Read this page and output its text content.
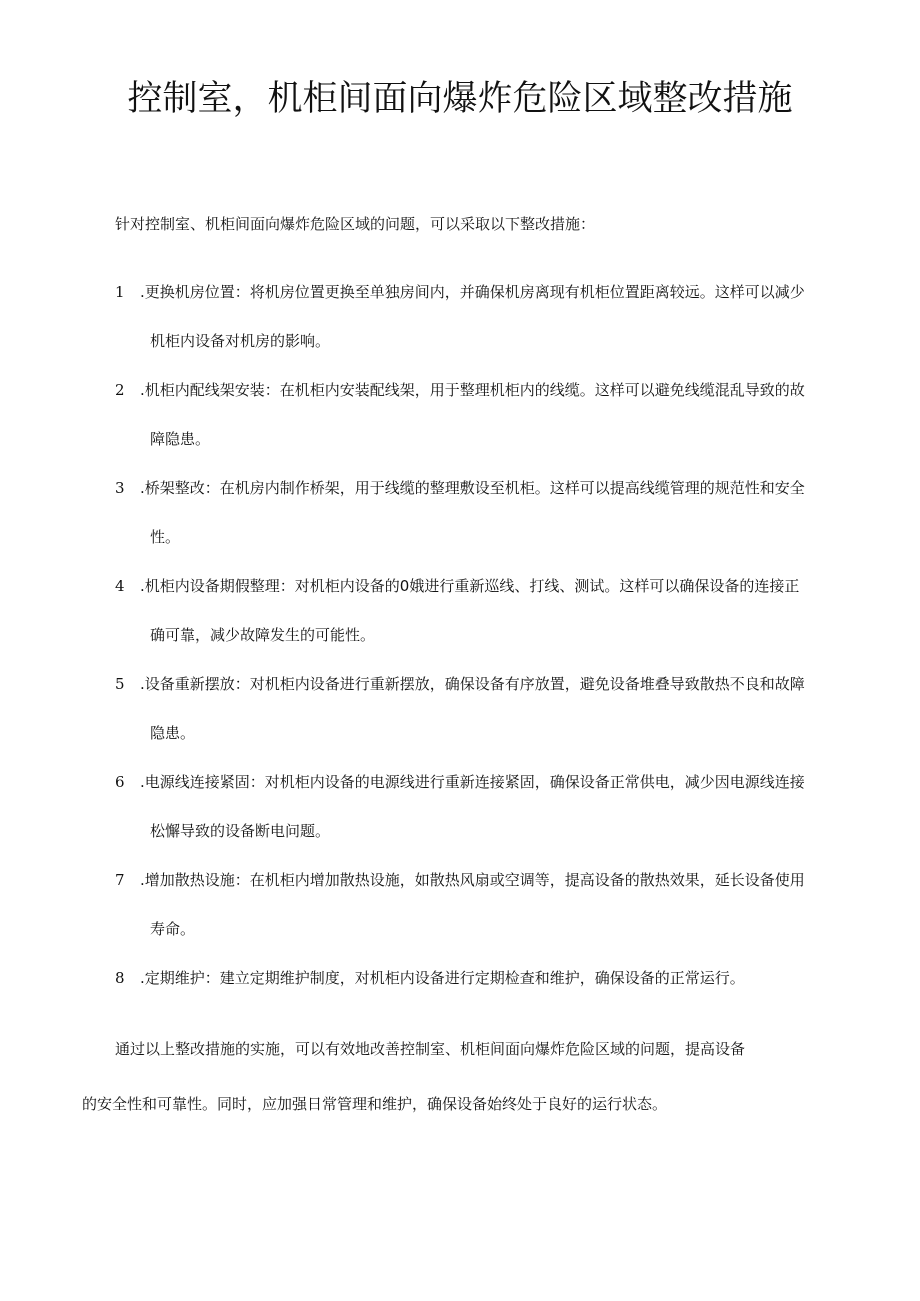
控制室，机柜间面向爆炸危险区域整改措施

针对控制室、机柜间面向爆炸危险区域的问题，可以采取以下整改措施：

1	.更换机房位置：将机房位置更换至单独房间内，并确保机房离现有机柜位置距离较远。这样可以减少
机柜内设备对机房的影响。
2	.机柜内配线架安装：在机柜内安装配线架，用于整理机柜内的线缆。这样可以避免线缆混乱导致的故
障隐患。
3	.桥架整改：在机房内制作桥架，用于线缆的整理敷设至机柜。这样可以提高线缆管理的规范性和安全
性。
4	.机柜内设备期假整理：对机柜内设备的0娥进行重新巡线、打线、测试。这样可以确保设备的连接正
确可靠，减少故障发生的可能性。
5	.设备重新摆放：对机柜内设备进行重新摆放，确保设备有序放置，避免设备堆叠导致散热不良和故障
隐患。
6	.电源线连接紧固：对机柜内设备的电源线进行重新连接紧固，确保设备正常供电，减少因电源线连接
松懈导致的设备断电问题。
7	.增加散热设施：在机柜内增加散热设施，如散热风扇或空调等，提高设备的散热效果，延长设备使用
寿命。
8	.定期维护：建立定期维护制度，对机柜内设备进行定期检查和维护，确保设备的正常运行。

通过以上整改措施的实施，可以有效地改善控制室、机柜间面向爆炸危险区域的问题，提高设备

的安全性和可靠性。同时，应加强日常管理和维护，确保设备始终处于良好的运行状态。
